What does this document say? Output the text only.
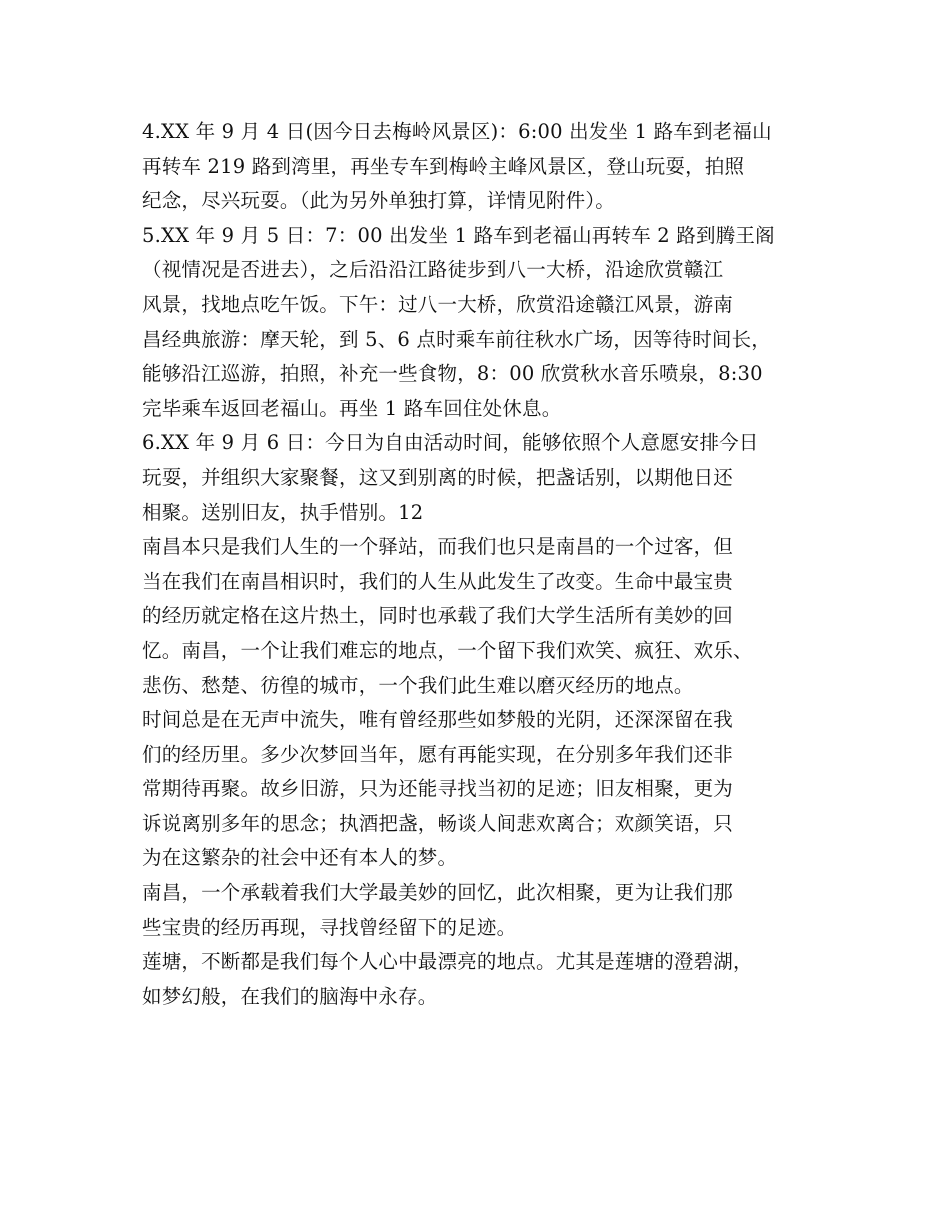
4.XX 年 9 月 4 日(因今日去梅岭风景区)：6:00 出发坐 1 路车到老福山
再转车 219 路到湾里，再坐专车到梅岭主峰风景区，登山玩耍，拍照
纪念，尽兴玩耍。（此为另外单独打算，详情见附件）。
5.XX 年 9 月 5 日：7：00 出发坐 1 路车到老福山再转车 2 路到腾王阁
（视情况是否进去），之后沿沿江路徒步到八一大桥，沿途欣赏赣江
风景，找地点吃午饭。下午：过八一大桥，欣赏沿途赣江风景，游南
昌经典旅游：摩天轮，到 5、6 点时乘车前往秋水广场，因等待时间长，
能够沿江巡游，拍照，补充一些食物，8：00 欣赏秋水音乐喷泉，8:30
完毕乘车返回老福山。再坐 1 路车回住处休息。
6.XX 年 9 月 6 日：今日为自由活动时间，能够依照个人意愿安排今日
玩耍，并组织大家聚餐，这又到别离的时候，把盏话别，以期他日还
相聚。送别旧友，执手惜别。12
南昌本只是我们人生的一个驿站，而我们也只是南昌的一个过客，但
当在我们在南昌相识时，我们的人生从此发生了改变。生命中最宝贵
的经历就定格在这片热土，同时也承载了我们大学生活所有美妙的回
忆。南昌，一个让我们难忘的地点，一个留下我们欢笑、疯狂、欢乐、
悲伤、愁楚、彷徨的城市，一个我们此生难以磨灭经历的地点。
时间总是在无声中流失，唯有曾经那些如梦般的光阴，还深深留在我
们的经历里。多少次梦回当年，愿有再能实现，在分别多年我们还非
常期待再聚。故乡旧游，只为还能寻找当初的足迹；旧友相聚，更为
诉说离别多年的思念；执酒把盏，畅谈人间悲欢离合；欢颜笑语，只
为在这繁杂的社会中还有本人的梦。
南昌，一个承载着我们大学最美妙的回忆，此次相聚，更为让我们那
些宝贵的经历再现，寻找曾经留下的足迹。
莲塘，不断都是我们每个人心中最漂亮的地点。尤其是莲塘的澄碧湖，
如梦幻般，在我们的脑海中永存。
